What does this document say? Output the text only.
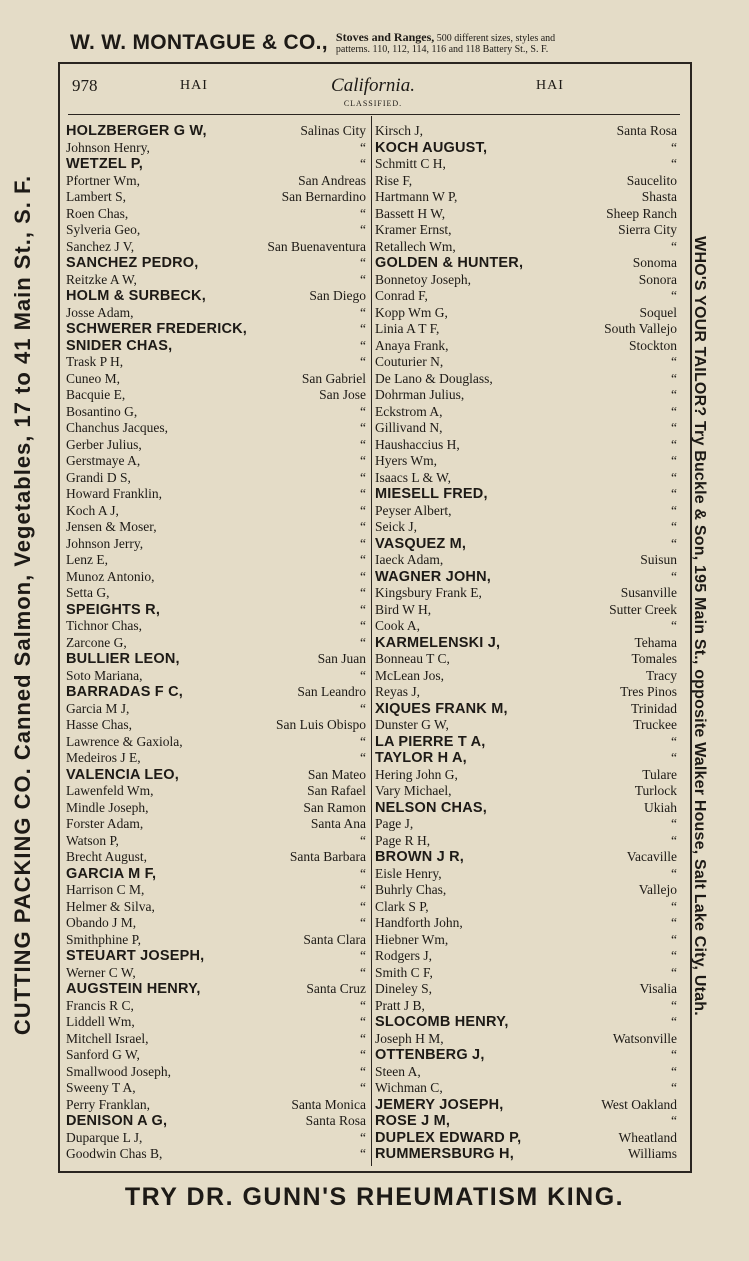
W. W. MONTAGUE & CO., Stoves and Ranges, 500 different sizes, styles and
patterns. 110, 112, 114, 116 and 118 Battery St., S. F.
978	HAI	California.
CLASSIFIED.
HAI
HOLZBERGER G W,	Salinas City
Johnson Henry,	“
WETZEL P,	“
Pfortner Wm,	San Andreas
Lambert S,	San Bernardino
Roen Chas,	“
Sylveria Geo,	“
Sanchez J V,	San Buenaventura
SANCHEZ PEDRO,	“
Reitzke A W,	“
HOLM & SURBECK,	San Diego
Josse Adam,	“
SCHWERER FREDERICK,	“
SNIDER CHAS,	“
Trask P H,	“
Cuneo M,	San Gabriel
Bacquie E,	San Jose
Bosantino G,	“
Chanchus Jacques,	“
Gerber Julius,	“
Gerstmaye A,	“
Grandi D S,	“
Howard Franklin,	“
Koch A J,	“
Jensen & Moser,	“
Johnson Jerry,	“
Lenz E,	“
Munoz Antonio,	“
Setta G,	“
SPEIGHTS R,	“
Tichnor Chas,	“
Zarcone G,	“
BULLIER LEON,	San Juan
Soto Mariana,	“
BARRADAS F C,	San Leandro
Garcia M J,	“
Hasse Chas,	San Luis Obispo
Lawrence & Gaxiola,	“
Medeiros J E,	“
VALENCIA LEO,	San Mateo
Lawenfeld Wm,	San Rafael
Mindle Joseph,	San Ramon
Forster Adam,	Santa Ana
Watson P,	“
Brecht August,	Santa Barbara
GARCIA M F,	“
Harrison C M,	“
Helmer & Silva,	“
Obando J M,	“
Smithphine P,	Santa Clara
STEUART JOSEPH,	“
Werner C W,	“
AUGSTEIN HENRY,	Santa Cruz
Francis R C,	“
Liddell Wm,	“
Mitchell Israel,	“
Sanford G W,	“
Smallwood Joseph,	“
Sweeny T A,	“
Perry Franklan,	Santa Monica
DENISON A G,	Santa Rosa
Duparque L J,	“
Goodwin Chas B,	“
Kirsch J,	Santa Rosa
KOCH AUGUST,	“
Schmitt C H,	“
Rise F,	Saucelito
Hartmann W P,	Shasta
Bassett H W,	Sheep Ranch
Kramer Ernst,	Sierra City
Retallech Wm,	“
GOLDEN & HUNTER,	Sonoma
Bonnetoy Joseph,	Sonora
Conrad F,	“
Kopp Wm G,	Soquel
Linia A T F,	South Vallejo
Anaya Frank,	Stockton
Couturier N,	“
De Lano & Douglass,	“
Dohrman Julius,	“
Eckstrom A,	“
Gillivand N,	“
Haushaccius H,	“
Hyers Wm,	“
Isaacs L & W,	“
MIESELL FRED,	“
Peyser Albert,	“
Seick J,	“
VASQUEZ M,	“
Iaeck Adam,	Suisun
WAGNER JOHN,	“
Kingsbury Frank E,	Susanville
Bird W H,	Sutter Creek
Cook A,	“
KARMELENSKI J,	Tehama
Bonneau T C,	Tomales
McLean Jos,	Tracy
Reyas J,	Tres Pinos
XIQUES FRANK M,	Trinidad
Dunster G W,	Truckee
LA PIERRE T A,	“
TAYLOR H A,	“
Hering John G,	Tulare
Vary Michael,	Turlock
NELSON CHAS,	Ukiah
Page J,	“
Page R H,	“
BROWN J R,	Vacaville
Eisle Henry,	“
Buhrly Chas,	Vallejo
Clark S P,	“
Handforth John,	“
Hiebner Wm,	“
Rodgers J,	“
Smith C F,	“
Dineley S,	Visalia
Pratt J B,	“
SLOCOMB HENRY,	“
Joseph H M,	Watsonville
OTTENBERG J,	“
Steen A,	“
Wichman C,	“
JEMERY JOSEPH,	West Oakland
ROSE J M,	“
DUPLEX EDWARD P,	Wheatland
RUMMERSBURG H,	Williams
CUTTING PACKING CO. Canned Salmon, Vegetables, 17 to 41 Main St., S. F.	WHO'S YOUR TAILOR? Try Buckle & Son, 195 Main St., opposite Walker House, Salt Lake City, Utah.
TRY DR. GUNN'S RHEUMATISM KING.
